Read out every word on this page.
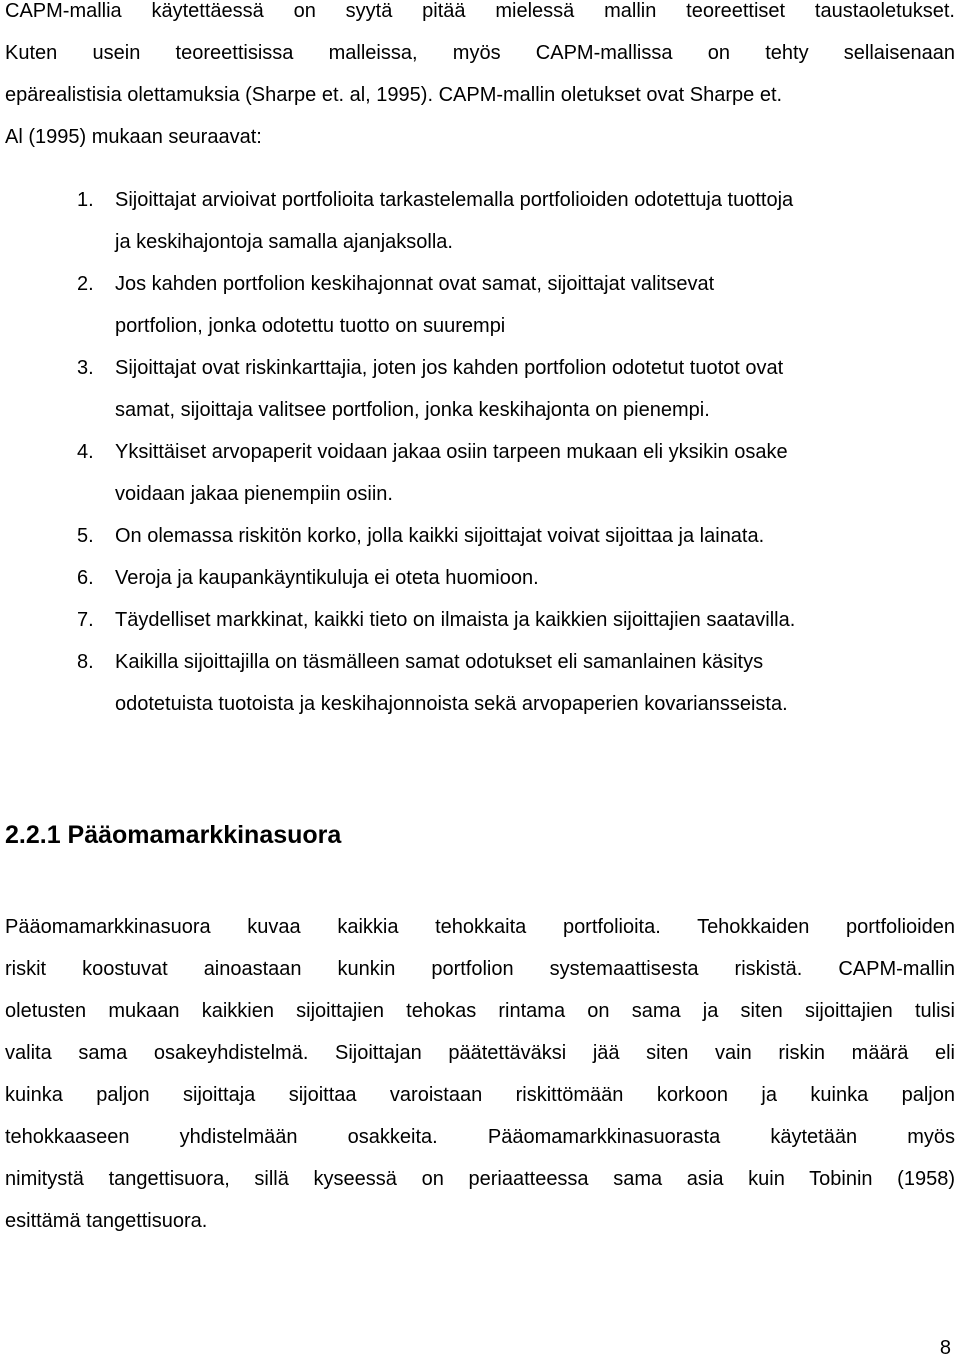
CAPM-mallia käytettäessä on syytä pitää mielessä mallin teoreettiset taustaoletukset.
Kuten usein teoreettisissa malleissa, myös CAPM-mallissa on tehty sellaisenaan
epärealistisia olettamuksia (Sharpe et. al, 1995). CAPM-mallin oletukset ovat Sharpe et.
Al (1995) mukaan seuraavat:
1. Sijoittajat arvioivat portfolioita tarkastelemalla portfolioiden odotettuja tuottoja
ja keskihajontoja samalla ajanjaksolla.
2. Jos kahden portfolion keskihajonnat ovat samat, sijoittajat valitsevat
portfolion, jonka odotettu tuotto on suurempi
3. Sijoittajat ovat riskinkarttajia, joten jos kahden portfolion odotetut tuotot ovat
samat, sijoittaja valitsee portfolion, jonka keskihajonta on pienempi.
4. Yksittäiset arvopaperit voidaan jakaa osiin tarpeen mukaan eli yksikin osake
voidaan jakaa pienempiin osiin.
5. On olemassa riskitön korko, jolla kaikki sijoittajat voivat sijoittaa ja lainata.
6. Veroja ja kaupankäyntikuluja ei oteta huomioon.
7. Täydelliset markkinat, kaikki tieto on ilmaista ja kaikkien sijoittajien saatavilla.
8. Kaikilla sijoittajilla on täsmälleen samat odotukset eli samanlainen käsitys
odotetuista tuotoista ja keskihajonnoista sekä arvopaperien kovariansseista.
2.2.1 Pääomamarkkinasuora
Pääomamarkkinasuora kuvaa kaikkia tehokkaita portfolioita. Tehokkaiden portfolioiden
riskit koostuvat ainoastaan kunkin portfolion systemaattisesta riskistä. CAPM-mallin
oletusten mukaan kaikkien sijoittajien tehokas rintama on sama ja siten sijoittajien tulisi
valita sama osakeyhdistelmä. Sijoittajan päätettäväksi jää siten vain riskin määrä eli
kuinka paljon sijoittaja sijoittaa varoistaan riskittömään korkoon ja kuinka paljon
tehokkaaseen yhdistelmään osakkeita. Pääomamarkkinasuorasta käytetään myös
nimitystä tangettisuora, sillä kyseessä on periaatteessa sama asia kuin Tobinin (1958)
esittämä tangettisuora.
8
